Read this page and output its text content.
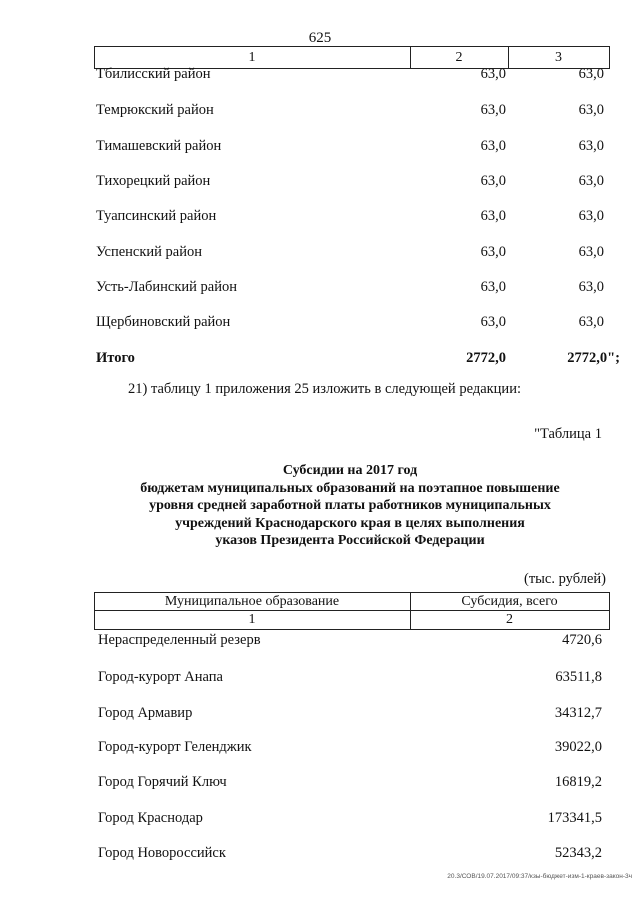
625
1	2	3
Тбилисский район	63,0	63,0
Темрюкский район	63,0	63,0
Тимашевский район	63,0	63,0
Тихорецкий район	63,0	63,0
Туапсинский район	63,0	63,0
Успенский район	63,0	63,0
Усть-Лабинский район	63,0	63,0
Щербиновский район	63,0	63,0
Итого	2772,0	2772,0";
21) таблицу 1 приложения 25 изложить в следующей редакции:
"Таблица 1
Субсидии на 2017 год
бюджетам муниципальных образований на поэтапное повышение
уровня средней заработной платы работников муниципальных
учреждений Краснодарского края в целях выполнения
указов Президента Российской Федерации
(тыс. рублей)
Муниципальное образование	Субсидия, всего
1	2
Нераспределенный резерв	4720,6
Город-курорт Анапа	63511,8
Город Армавир	34312,7
Город-курорт Геленджик	39022,0
Город Горячий Ключ	16819,2
Город Краснодар	173341,5
Город Новороссийск	52343,2
20.3/СОВ/19.07.2017/09:37/кзы-бюджет-изм-1-краев-закон-3ч
